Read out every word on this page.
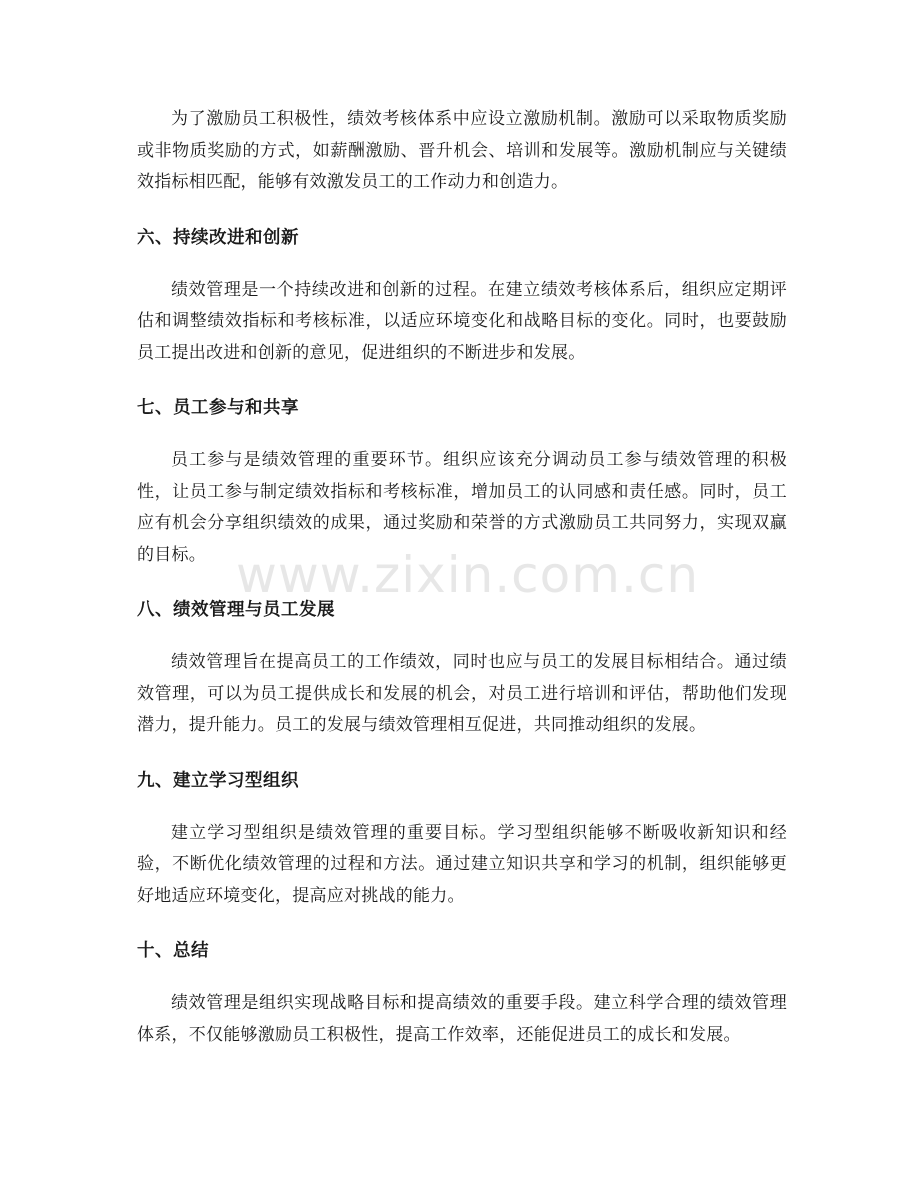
为了激励员工积极性，绩效考核体系中应设立激励机制。激励可以采取物质奖励或非物质奖励的方式，如薪酬激励、晋升机会、培训和发展等。激励机制应与关键绩效指标相匹配，能够有效激发员工的工作动力和创造力。

六、持续改进和创新

绩效管理是一个持续改进和创新的过程。在建立绩效考核体系后，组织应定期评估和调整绩效指标和考核标准，以适应环境变化和战略目标的变化。同时，也要鼓励员工提出改进和创新的意见，促进组织的不断进步和发展。

七、员工参与和共享

员工参与是绩效管理的重要环节。组织应该充分调动员工参与绩效管理的积极性，让员工参与制定绩效指标和考核标准，增加员工的认同感和责任感。同时，员工应有机会分享组织绩效的成果，通过奖励和荣誉的方式激励员工共同努力，实现双赢的目标。

八、绩效管理与员工发展

绩效管理旨在提高员工的工作绩效，同时也应与员工的发展目标相结合。通过绩效管理，可以为员工提供成长和发展的机会，对员工进行培训和评估，帮助他们发现潜力，提升能力。员工的发展与绩效管理相互促进，共同推动组织的发展。

九、建立学习型组织

建立学习型组织是绩效管理的重要目标。学习型组织能够不断吸收新知识和经验，不断优化绩效管理的过程和方法。通过建立知识共享和学习的机制，组织能够更好地适应环境变化，提高应对挑战的能力。

十、总结

绩效管理是组织实现战略目标和提高绩效的重要手段。建立科学合理的绩效管理体系，不仅能够激励员工积极性，提高工作效率，还能促进员工的成长和发展。

www.zixin.com.cn
